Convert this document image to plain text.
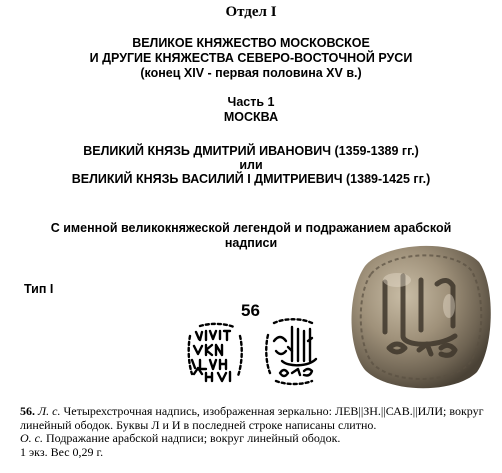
Отдел I
ВЕЛИКОЕ КНЯЖЕСТВО МОСКОВСКОЕ
И ДРУГИЕ КНЯЖЕСТВА СЕВЕРО-ВОСТОЧНОЙ РУСИ
(конец XIV - первая половина XV в.)
Часть 1
МОСКВА
ВЕЛИКИЙ КНЯЗЬ ДМИТРИЙ ИВАНОВИЧ (1359-1389 гг.)
или
ВЕЛИКИЙ КНЯЗЬ ВАСИЛИЙ I ДМИТРИЕВИЧ (1389-1425 гг.)
С именной великокняжеской легендой и подражанием арабской
надписи
Тип I
56

56. Л. с. Четырехстрочная надпись, изображенная зеркально: ЛЕВ||ЗН.||САВ.||ИЛИ; вокруг линейный ободок. Буквы Л и И в последней строке написаны слитно.

О. с. Подражание арабской надписи; вокруг линейный ободок.

1 экз. Вес 0,29 г.
